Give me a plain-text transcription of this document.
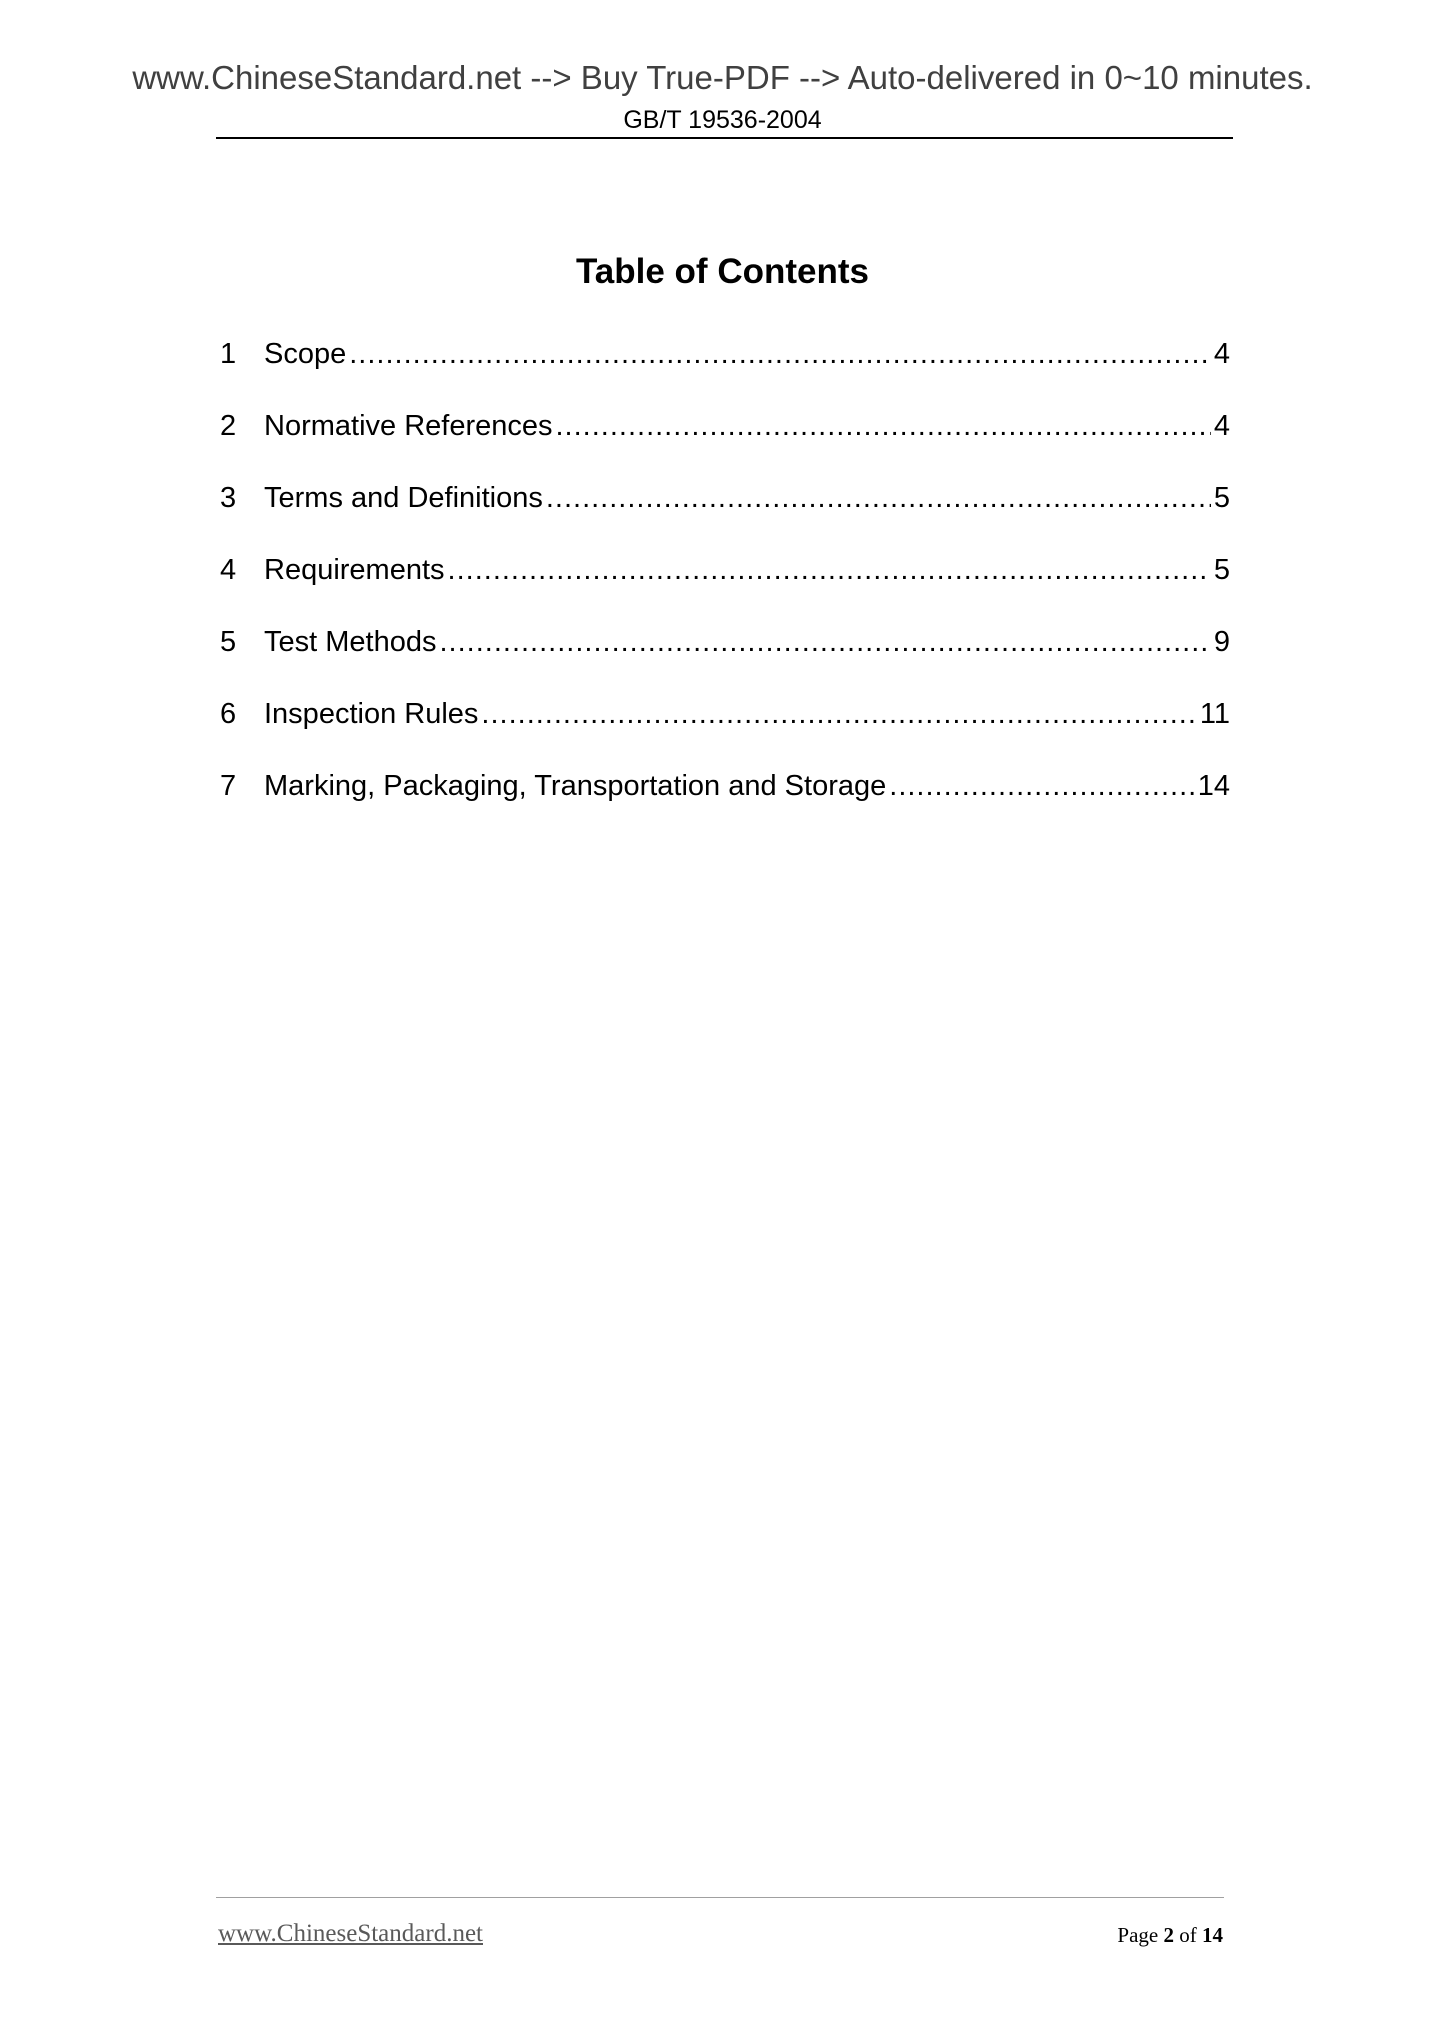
www.ChineseStandard.net --> Buy True-PDF --> Auto-delivered in 0~10 minutes.
GB/T 19536-2004
Table of Contents
1 Scope .....	4
2 Normative References .....	4
3 Terms and Definitions .....	5
4 Requirements .....	5
5 Test Methods .....	9
6 Inspection Rules .....	11
7 Marking, Packaging, Transportation and Storage .....	14
www.ChineseStandard.net	Page 2 of 14
